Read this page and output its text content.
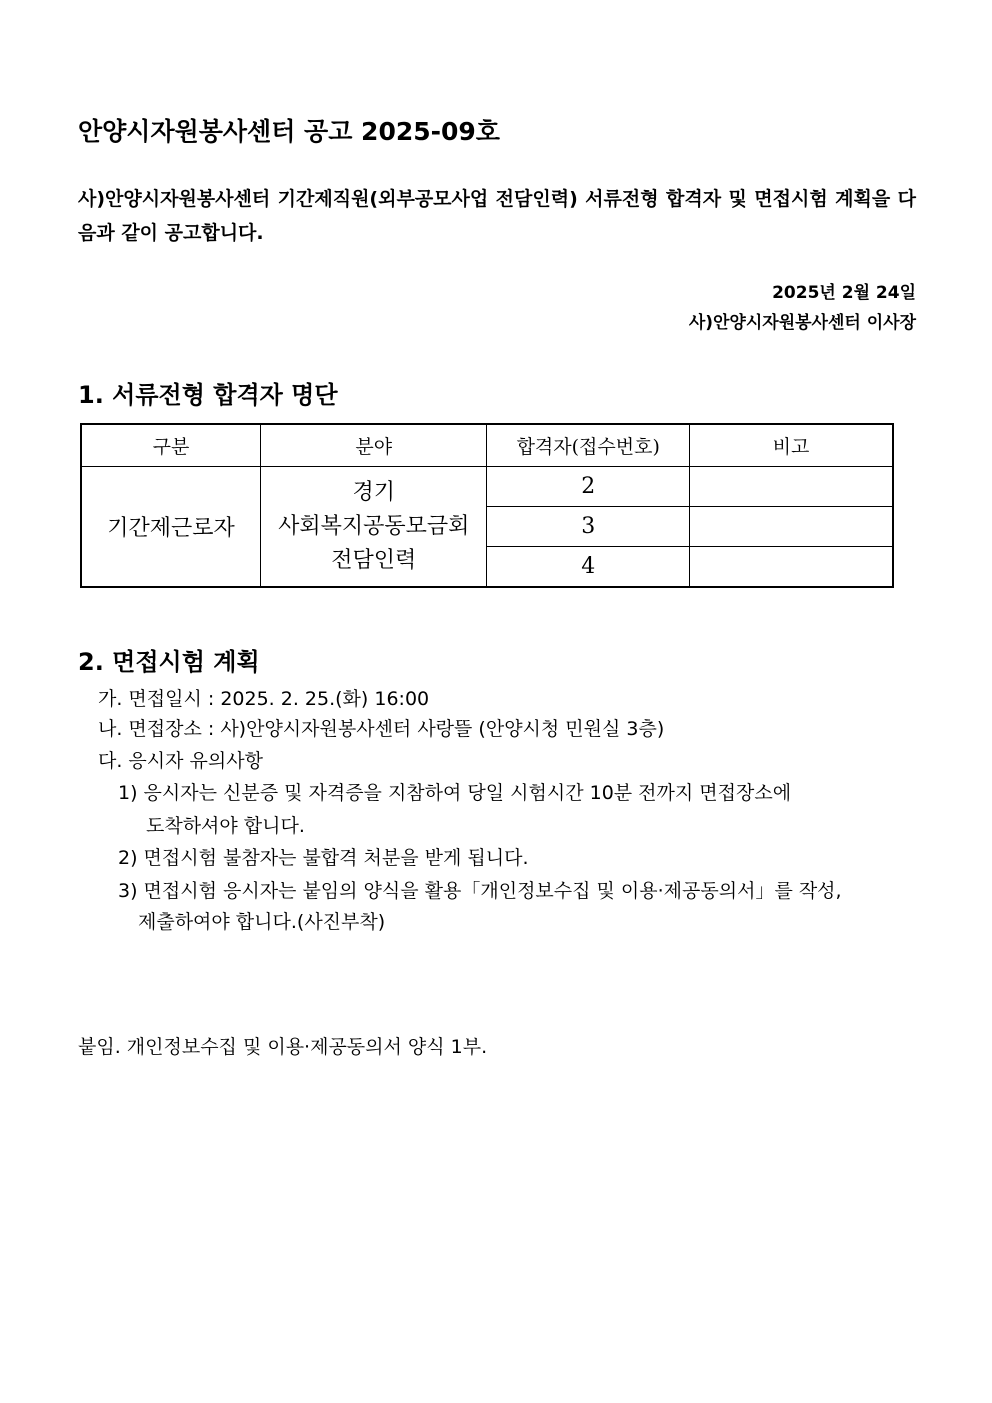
안양시자원봉사센터 공고 2025-09호
사)안양시자원봉사센터 기간제직원(외부공모사업 전담인력) 서류전형 합격자 및 면접시험 계획을 다음과 같이 공고합니다.
2025년 2월 24일
사)안양시자원봉사센터 이사장
1. 서류전형 합격자 명단
구분	분야	합격자(접수번호)	비고
기간제근로자	경기
사회복지공동모금회
전담인력	2	
		3	
		4	
2. 면접시험 계획
가. 면접일시 : 2025. 2. 25.(화) 16:00
나. 면접장소 : 사)안양시자원봉사센터 사랑뜰 (안양시청 민원실 3층)
다. 응시자 유의사항
1) 응시자는 신분증 및 자격증을 지참하여 당일 시험시간 10분 전까지 면접장소에
도착하셔야 합니다.
2) 면접시험 불참자는 불합격 처분을 받게 됩니다.
3) 면접시험 응시자는 붙임의 양식을 활용「개인정보수집 및 이용·제공동의서」를 작성,
제출하여야 합니다.(사진부착)
붙임. 개인정보수집 및 이용·제공동의서 양식 1부.
